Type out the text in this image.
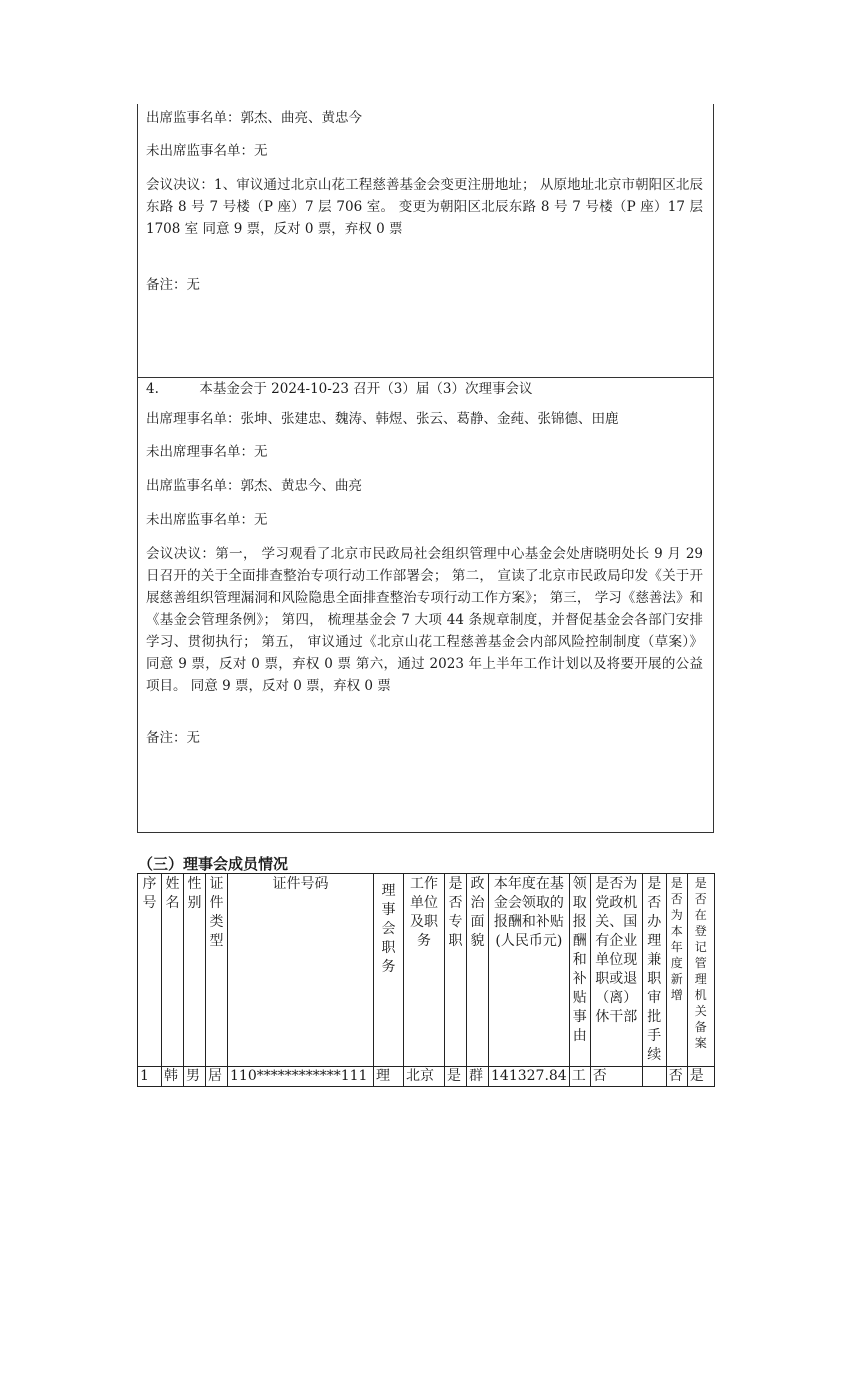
出席监事名单：郭杰、曲亮、黄忠今
未出席监事名单：无
会议决议：1、审议通过北京山花工程慈善基金会变更注册地址； 从原地址北京市朝阳区北辰东路 8 号 7 号楼（P 座）7 层 706 室。 变更为朝阳区北辰东路 8 号 7 号楼（P 座）17 层 1708 室 同意 9 票，反对 0 票，弃权 0 票
备注：无
4.　　　本基金会于 2024-10-23 召开（3）届（3）次理事会议
出席理事名单：张坤、张建忠、魏涛、韩煜、张云、葛静、金莼、张锦德、田鹿
未出席理事名单：无
出席监事名单：郭杰、黄忠今、曲亮
未出席监事名单：无
会议决议：第一， 学习观看了北京市民政局社会组织管理中心基金会处唐晓明处长 9 月 29 日召开的关于全面排查整治专项行动工作部署会； 第二， 宣读了北京市民政局印发《关于开展慈善组织管理漏洞和风险隐患全面排查整治专项行动工作方案》； 第三， 学习《慈善法》和《基金会管理条例》； 第四， 梳理基金会 7 大项 44 条规章制度，并督促基金会各部门安排学习、贯彻执行； 第五， 审议通过《北京山花工程慈善基金会内部风险控制制度（草案）》 同意 9 票，反对 0 票，弃权 0 票 第六，通过 2023 年上半年工作计划以及将要开展的公益项目。 同意 9 票，反对 0 票，弃权 0 票
备注：无
（三）理事会成员情况
序号	姓名	性别	证件类型	证件号码	理事会职务	工作单位及职务	是否专职	政治面貌	本年度在基金会领取的报酬和补贴(人民币元)	领取报酬和补贴事由	是否为党政机关、国有企业单位现职或退（离）休干部	是否办理兼职审批手续	是否为本年度新增	是否在登记管理机关备案
1	韩	男	居	110************111	理	北京	是	群	141327.84	工	否		否	是
